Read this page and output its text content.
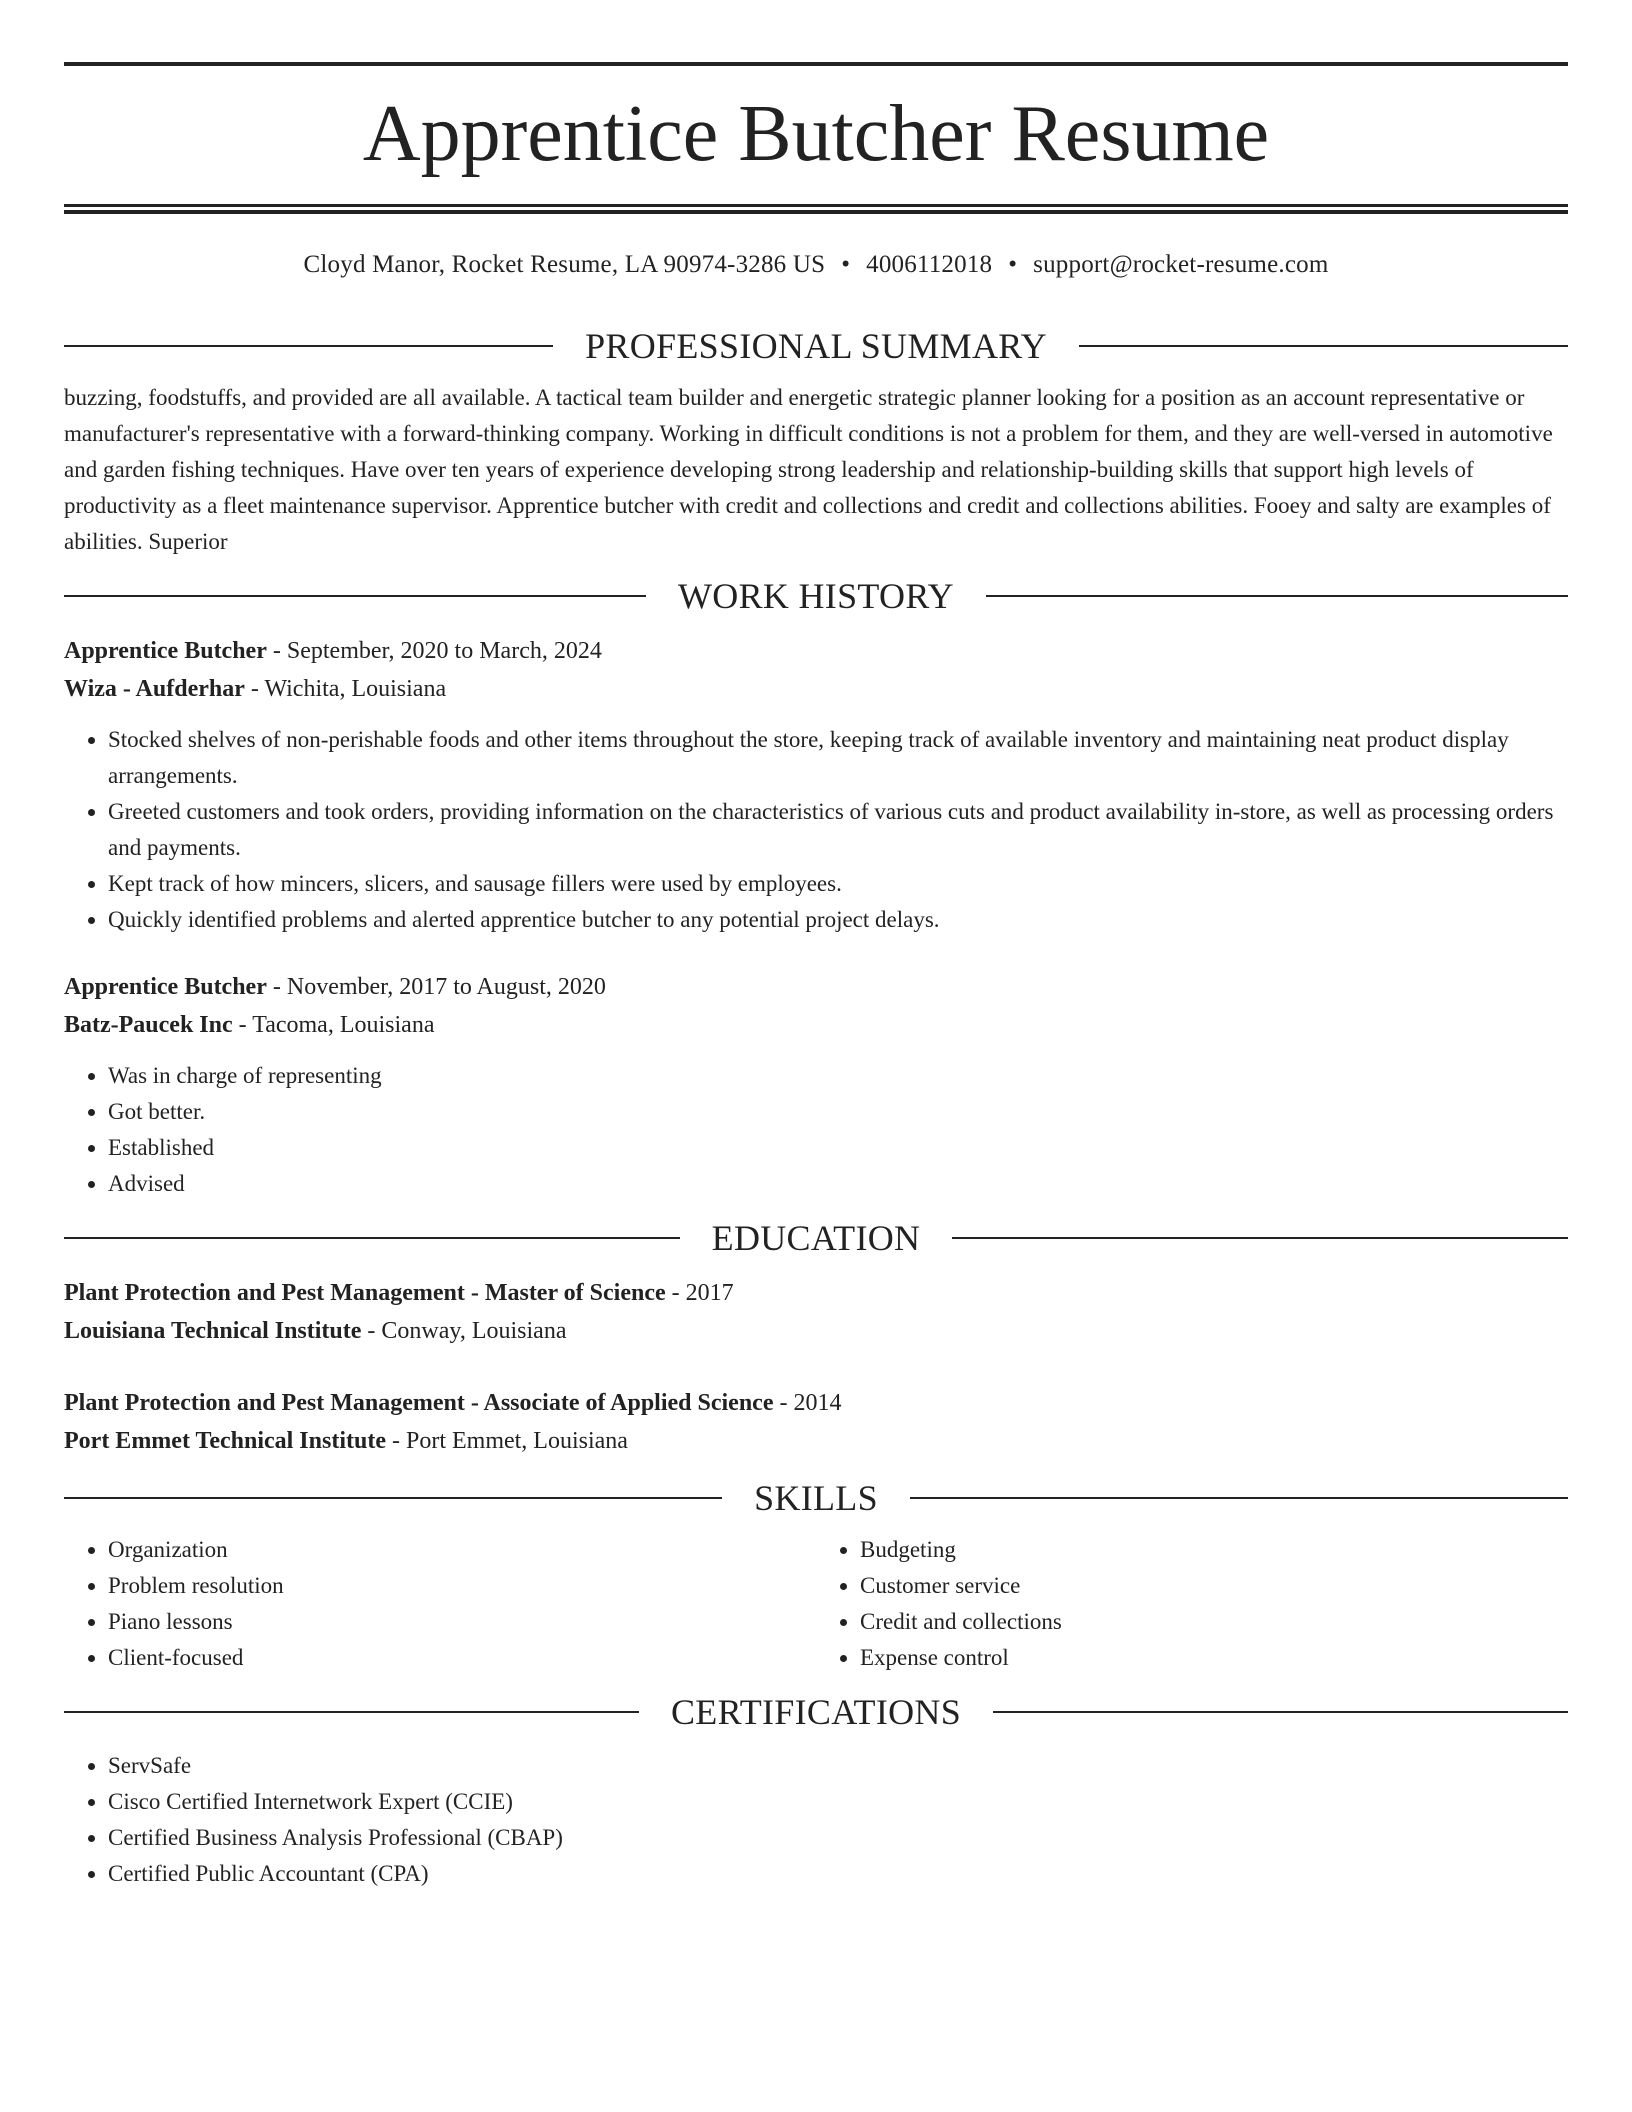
Apprentice Butcher Resume
Cloyd Manor, Rocket Resume, LA 90974-3286 US • 4006112018 • support@rocket-resume.com
PROFESSIONAL SUMMARY

buzzing, foodstuffs, and provided are all available. A tactical team builder and energetic strategic planner looking for a position as an account representative or manufacturer's representative with a forward-thinking company. Working in difficult conditions is not a problem for them, and they are well-versed in automotive and garden fishing techniques. Have over ten years of experience developing strong leadership and relationship-building skills that support high levels of productivity as a fleet maintenance supervisor. Apprentice butcher with credit and collections and credit and collections abilities. Fooey and salty are examples of abilities. Superior

WORK HISTORY

Apprentice Butcher - September, 2020 to March, 2024

Wiza - Aufderhar - Wichita, Louisiana

• Stocked shelves of non-perishable foods and other items throughout the store, keeping track of available inventory and maintaining neat product display arrangements.
• Greeted customers and took orders, providing information on the characteristics of various cuts and product availability in-store, as well as processing orders and payments.
• Kept track of how mincers, slicers, and sausage fillers were used by employees.
• Quickly identified problems and alerted apprentice butcher to any potential project delays.

Apprentice Butcher - November, 2017 to August, 2020

Batz-Paucek Inc - Tacoma, Louisiana

• Was in charge of representing
• Got better.
• Established
• Advised
EDUCATION

Plant Protection and Pest Management - Master of Science - 2017

Louisiana Technical Institute - Conway, Louisiana

Plant Protection and Pest Management - Associate of Applied Science - 2014

Port Emmet Technical Institute - Port Emmet, Louisiana

SKILLS
• Organization
• Problem resolution
• Piano lessons
• Client-focused
• Budgeting
• Customer service
• Credit and collections
• Expense control
CERTIFICATIONS
• ServSafe
• Cisco Certified Internetwork Expert (CCIE)
• Certified Business Analysis Professional (CBAP)
• Certified Public Accountant (CPA)
